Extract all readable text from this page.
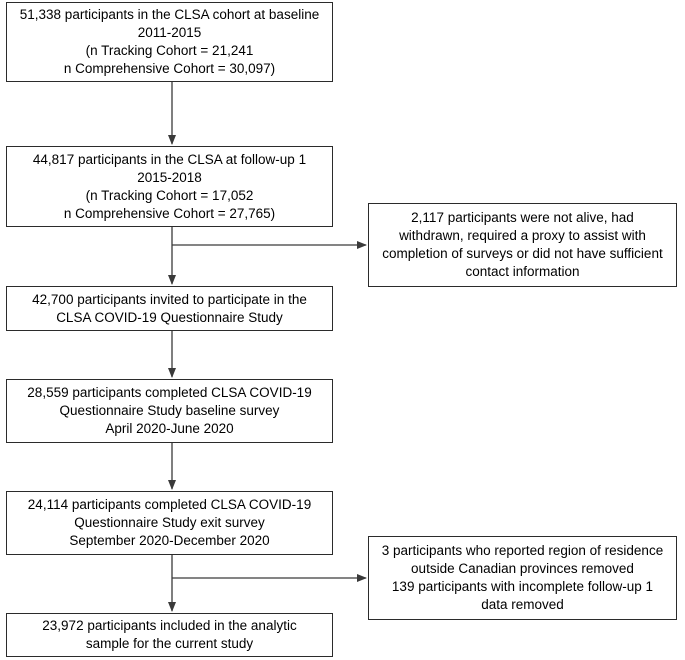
51,338 participants in the CLSA cohort at baseline
2011-2015
(n Tracking Cohort = 21,241
n Comprehensive Cohort = 30,097)
44,817 participants in the CLSA at follow-up 1
2015-2018
(n Tracking Cohort = 17,052
n Comprehensive Cohort = 27,765)	2,117 participants were not alive, had
withdrawn, required a proxy to assist with
completion of surveys or did not have sufficient
contact information
42,700 participants invited to participate in the
CLSA COVID-19 Questionnaire Study
28,559 participants completed CLSA COVID-19
Questionnaire Study baseline survey
April 2020-June 2020
24,114 participants completed CLSA COVID-19
Questionnaire Study exit survey
September 2020-December 2020
3 participants who reported region of residence
outside Canadian provinces removed
139 participants with incomplete follow-up 1
data removed
23,972 participants included in the analytic
sample for the current study
